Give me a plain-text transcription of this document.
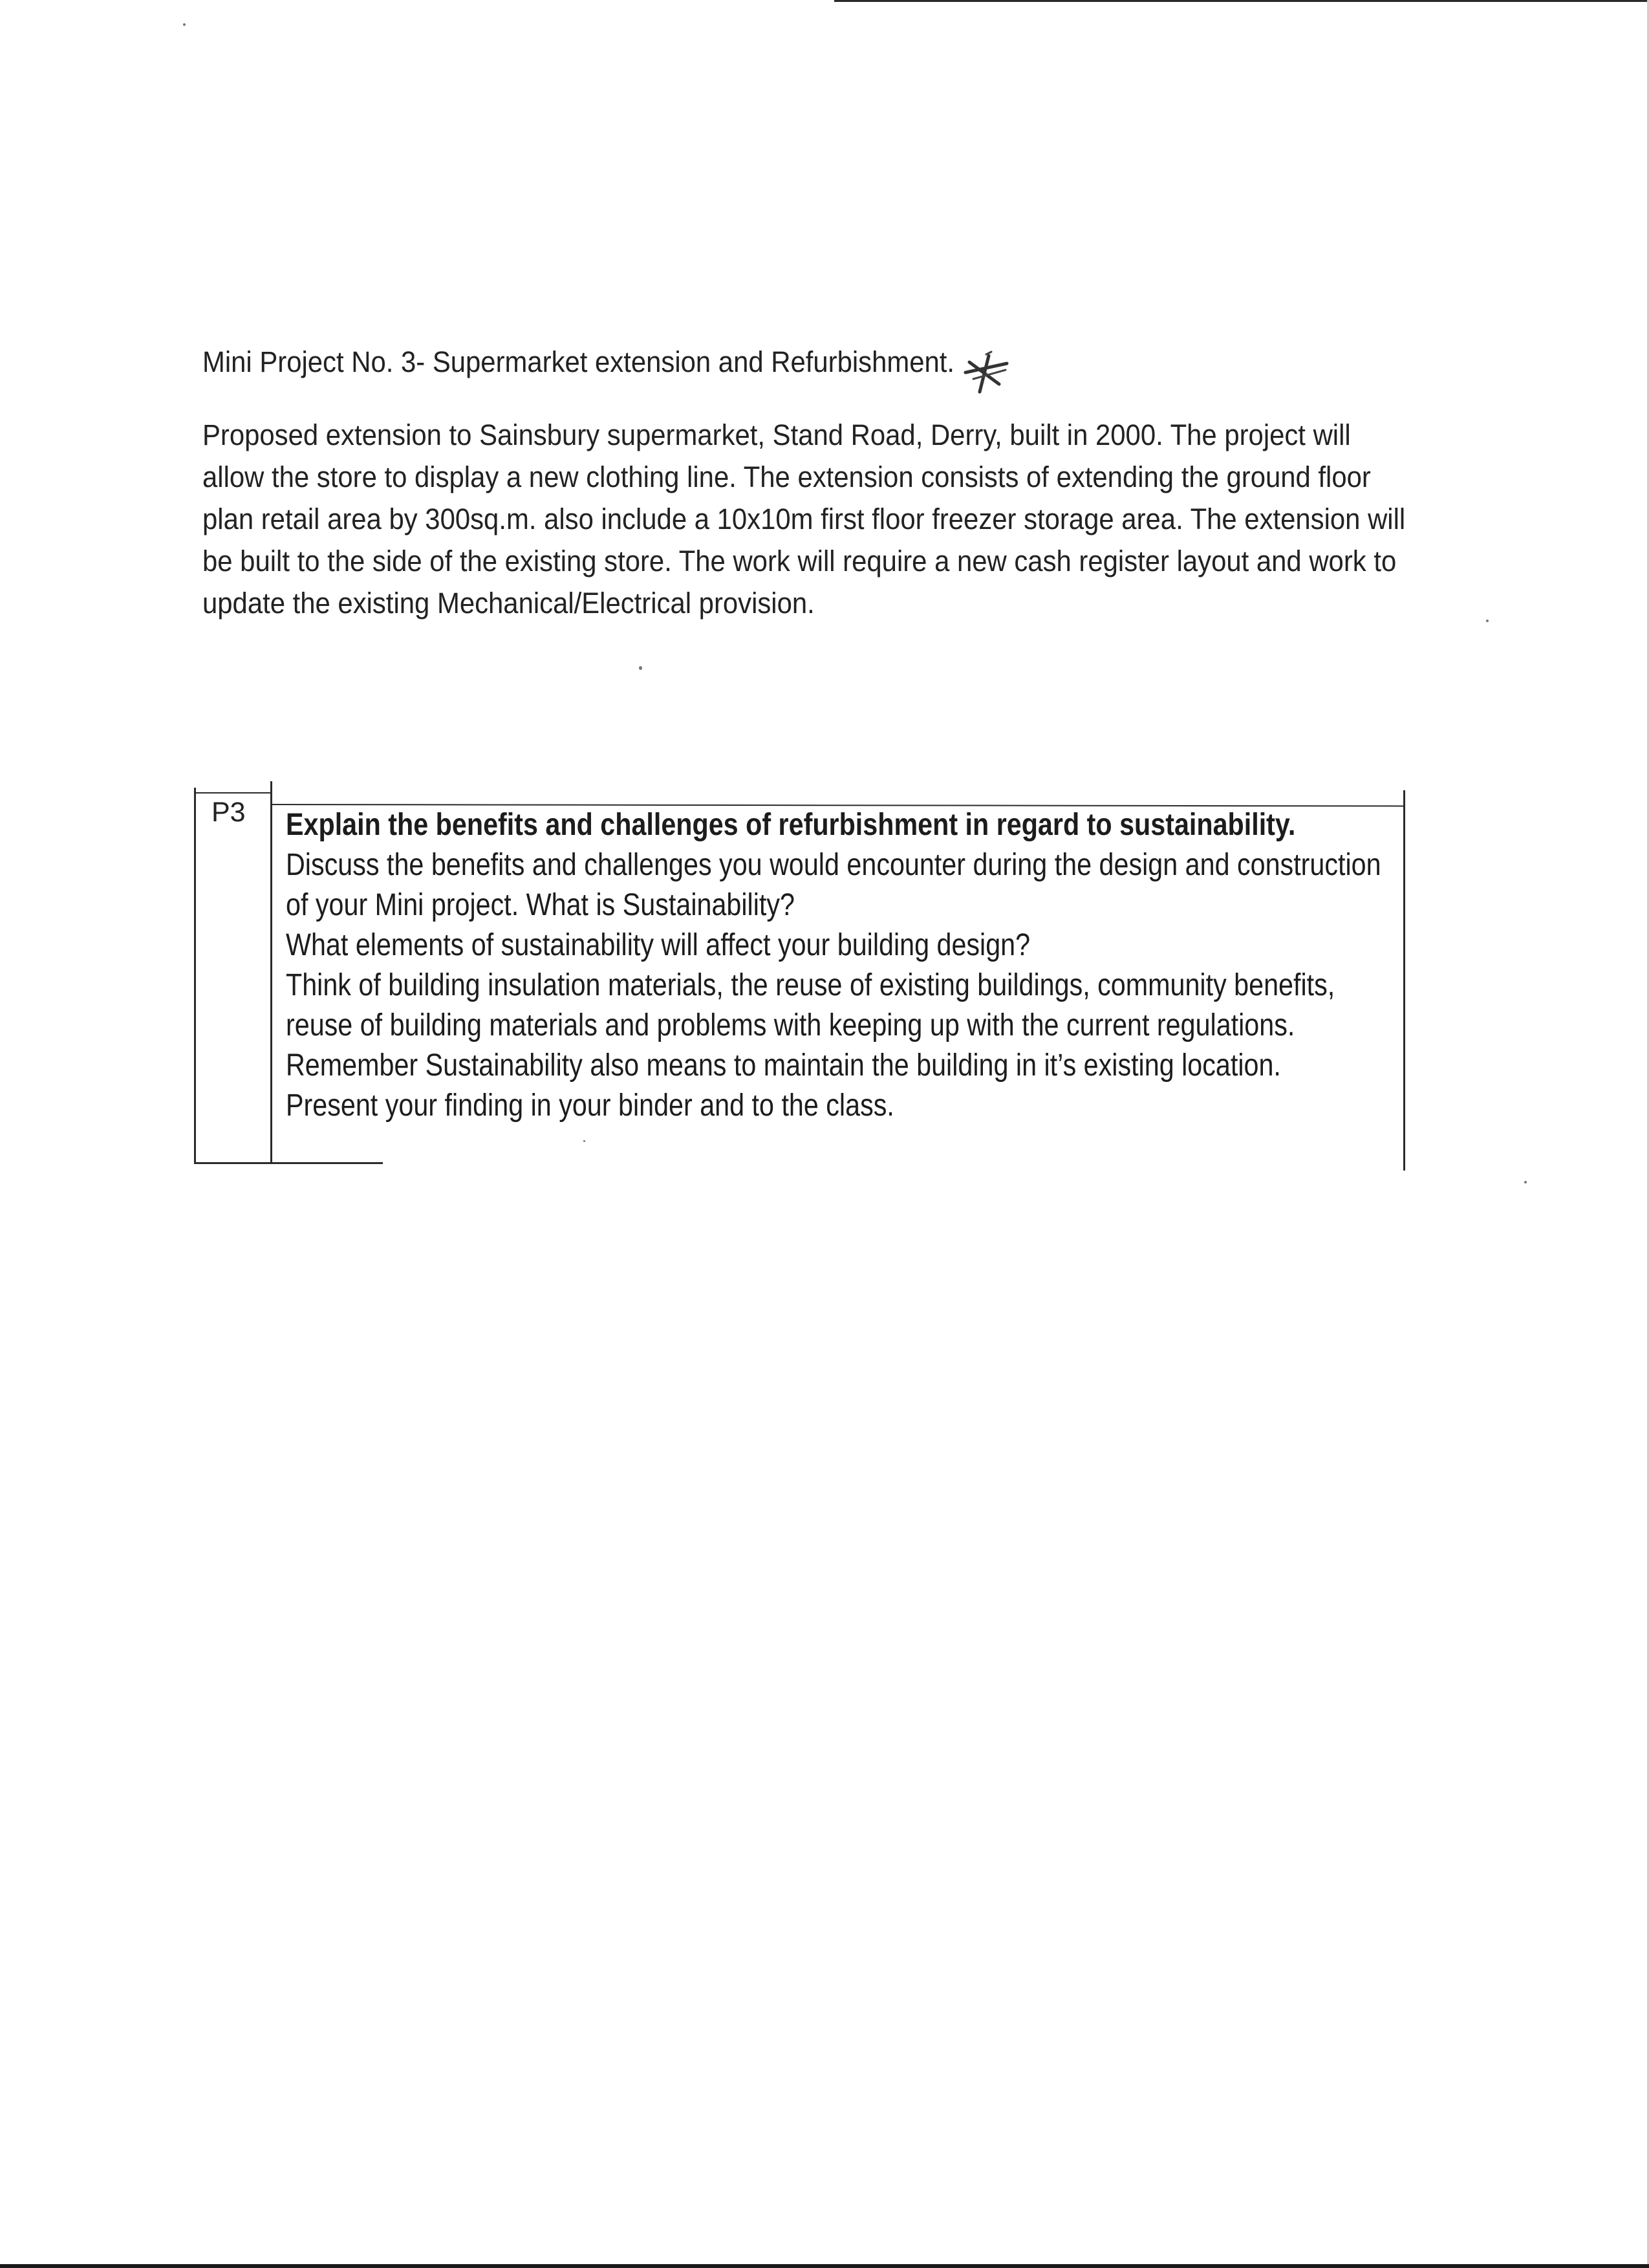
Mini Project No. 3- Supermarket extension and Refurbishment.
Proposed extension to Sainsbury supermarket, Stand Road, Derry, built in 2000. The project will
allow the store to display a new clothing line. The extension consists of extending the ground floor
plan retail area by 300sq.m. also include a 10x10m first floor freezer storage area. The extension will
be built to the side of the existing store. The work will require a new cash register layout and work to
update the existing Mechanical/Electrical provision.
P3 Explain the benefits and challenges of refurbishment in regard to sustainability.
Discuss the benefits and challenges you would encounter during the design and construction
of your Mini project. What is Sustainability?
What elements of sustainability will affect your building design?
Think of building insulation materials, the reuse of existing buildings, community benefits,
reuse of building materials and problems with keeping up with the current regulations.
Remember Sustainability also means to maintain the building in it’s existing location.
Present your finding in your binder and to the class.
